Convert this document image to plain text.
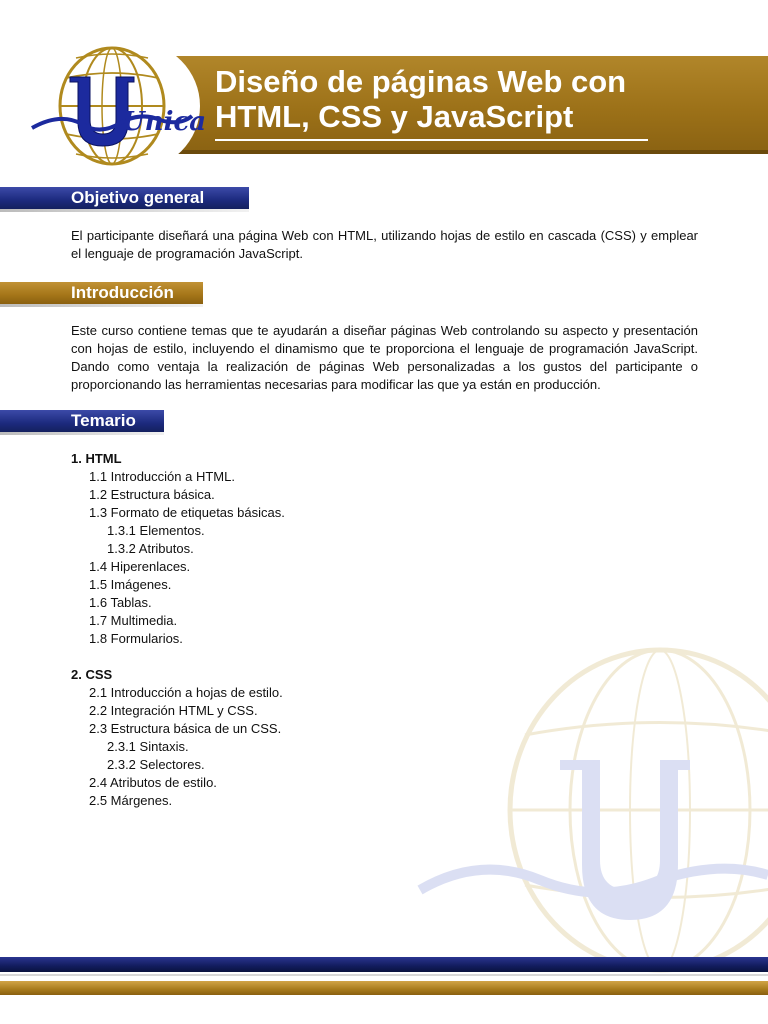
Unica
Diseño de páginas Web con
HTML, CSS y JavaScript
Objetivo general
El participante diseñará una página Web con HTML, utilizando hojas de estilo en cascada (CSS) y emplear el lenguaje de programación JavaScript.
Introducción
Este curso contiene temas que te ayudarán a diseñar páginas Web controlando su aspecto y presentación con hojas de estilo, incluyendo el dinamismo que te proporciona el lenguaje de programación JavaScript. Dando como ventaja la realización de páginas Web personalizadas a los gustos del participante o proporcionando las herramientas necesarias para modificar las que ya están en producción.
Temario
1. HTML
1.1 Introducción a HTML.
1.2 Estructura básica.
1.3 Formato de etiquetas básicas.
1.3.1 Elementos.
1.3.2 Atributos.
1.4 Hiperenlaces.
1.5 Imágenes.
1.6 Tablas.
1.7 Multimedia.
1.8 Formularios.
2. CSS
2.1 Introducción a hojas de estilo.
2.2 Integración HTML y CSS.
2.3 Estructura básica de un CSS.
2.3.1 Sintaxis.
2.3.2 Selectores.
2.4 Atributos de estilo.
2.5 Márgenes.
